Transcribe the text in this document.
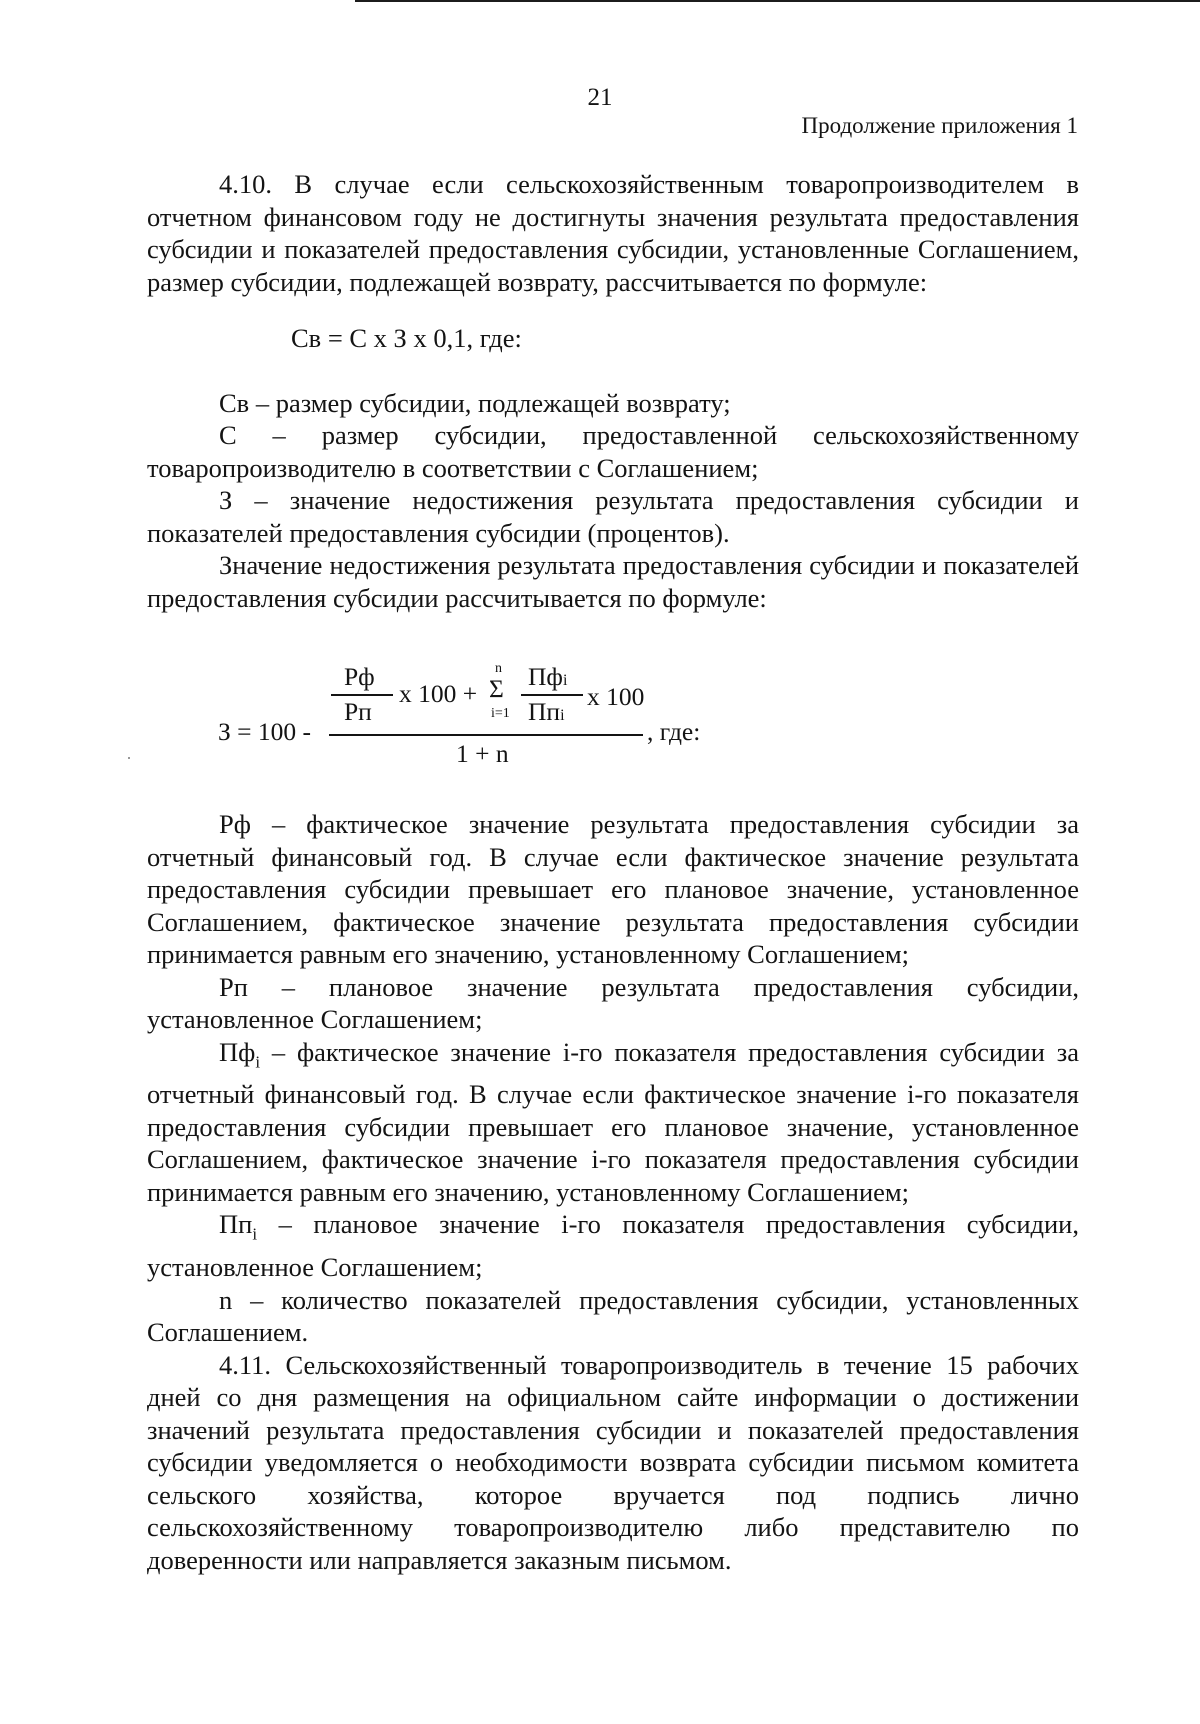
21
Продолжение приложения 1

4.10. В случае если сельскохозяйственным товаропроизводителем в отчетном финансовом году не достигнуты значения результата предоставления субсидии и показателей предоставления субсидии, установленные Соглашением, размер субсидии, подлежащей возврату, рассчитывается по формуле:

Св = С х З х 0,1, где:

Св – размер субсидии, подлежащей возврату;

С – размер субсидии, предоставленной сельскохозяйственному товаропроизводителю в соответствии с Соглашением;

З – значение недостижения результата предоставления субсидии и показателей предоставления субсидии (процентов).

Значение недостижения результата предоставления субсидии и показателей предоставления субсидии рассчитывается по формуле:

Рф
Рп
х 100 +
n
Σ
i=1
Пфi
Ппi
х 100
З = 100 -
1 + n
, где:

Рф – фактическое значение результата предоставления субсидии за отчетный финансовый год. В случае если фактическое значение результата предоставления субсидии превышает его плановое значение, установленное Соглашением, фактическое значение результата предоставления субсидии принимается равным его значению, установленному Соглашением;

Рп – плановое значение результата предоставления субсидии, установленное Соглашением;

$Пф_i$ – фактическое значение i-го показателя предоставления субсидии за отчетный финансовый год. В случае если фактическое значение i-го показателя предоставления субсидии превышает его плановое значение, установленное Соглашением, фактическое значение i-го показателя предоставления субсидии принимается равным его значению, установленному Соглашением;

$Пп_i$ – плановое значение i-го показателя предоставления субсидии, установленное Соглашением;

n – количество показателей предоставления субсидии, установленных Соглашением.

4.11. Сельскохозяйственный товаропроизводитель в течение 15 рабочих дней со дня размещения на официальном сайте информации о достижении значений результата предоставления субсидии и показателей предоставления субсидии уведомляется о необходимости возврата субсидии письмом комитета сельского хозяйства, которое вручается под подпись лично сельскохозяйственному товаропроизводителю либо представителю по доверенности или направляется заказным письмом.
